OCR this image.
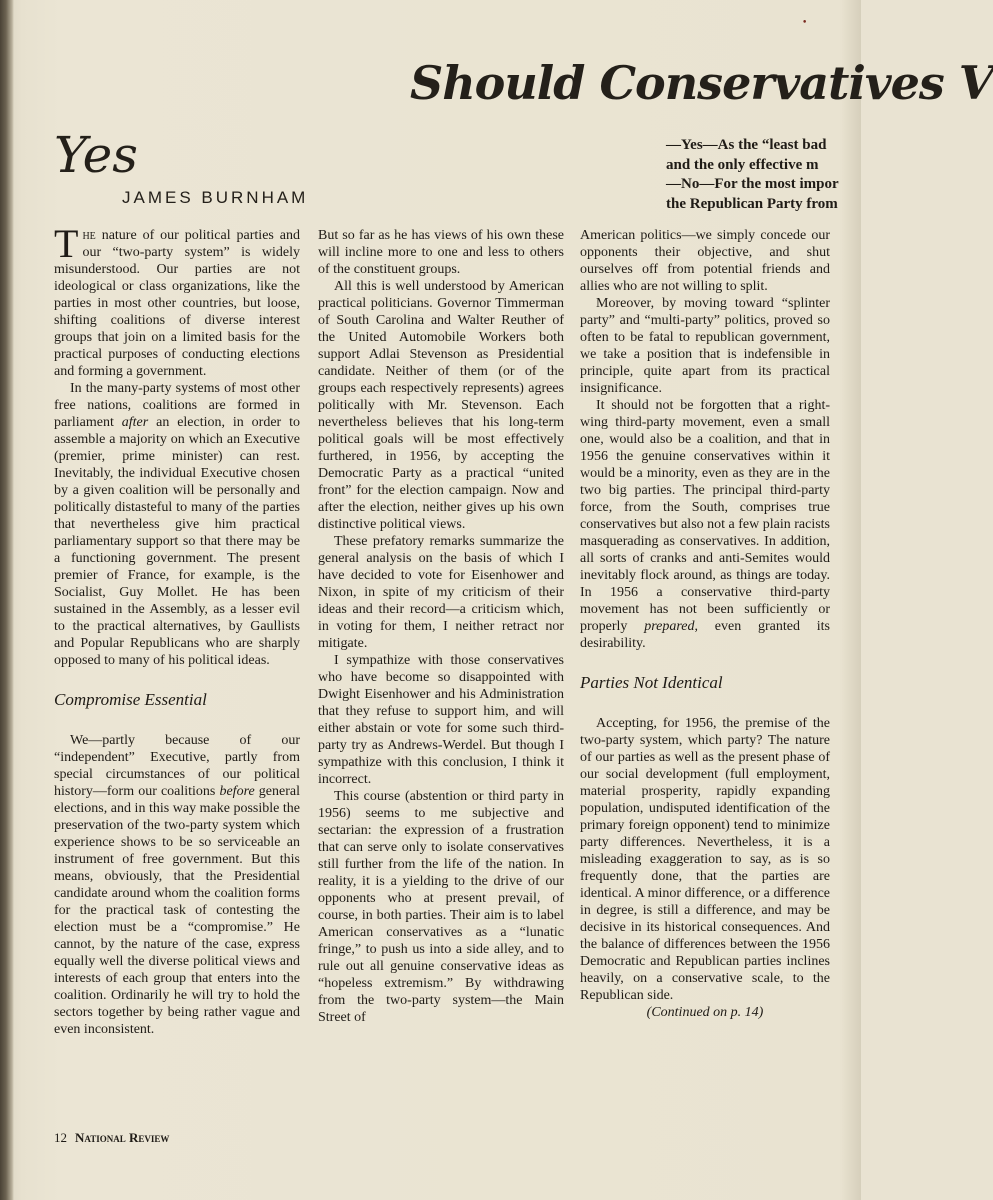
•
Should Conservatives V
Yes
JAMES BURNHAM
—Yes—As the “least bad
and the only effective m
—No—For the most impor
the Republican Party from

The nature of our political parties and our “two-party system” is widely misunderstood. Our parties are not ideological or class organizations, like the parties in most other countries, but loose, shifting coalitions of diverse interest groups that join on a limited basis for the practical purposes of conducting elections and forming a government.

In the many-party systems of most other free nations, coalitions are formed in parliament after an election, in order to assemble a majority on which an Executive (premier, prime minister) can rest. Inevitably, the individual Executive chosen by a given coalition will be personally and politically distasteful to many of the parties that nevertheless give him practical parliamentary support so that there may be a functioning government. The present premier of France, for example, is the Socialist, Guy Mollet. He has been sustained in the Assembly, as a lesser evil to the practical alternatives, by Gaullists and Popular Republicans who are sharply opposed to many of his political ideas.

Compromise Essential

We—partly because of our “independent” Executive, partly from special circumstances of our political history—form our coalitions before general elections, and in this way make possible the preservation of the two-party system which experience shows to be so serviceable an instrument of free government. But this means, obviously, that the Presidential candidate around whom the coalition forms for the practical task of contesting the election must be a “compromise.” He cannot, by the nature of the case, express equally well the diverse political views and interests of each group that enters into the coalition. Ordinarily he will try to hold the sectors together by being rather vague and even inconsistent.

But so far as he has views of his own these will incline more to one and less to others of the constituent groups.

All this is well understood by American practical politicians. Governor Timmerman of South Carolina and Walter Reuther of the United Automobile Workers both support Adlai Stevenson as Presidential candidate. Neither of them (or of the groups each respectively represents) agrees politically with Mr. Stevenson. Each nevertheless believes that his long-term political goals will be most effectively furthered, in 1956, by accepting the Democratic Party as a practical “united front” for the election campaign. Now and after the election, neither gives up his own distinctive political views.

These prefatory remarks summarize the general analysis on the basis of which I have decided to vote for Eisenhower and Nixon, in spite of my criticism of their ideas and their record—a criticism which, in voting for them, I neither retract nor mitigate.

I sympathize with those conservatives who have become so disappointed with Dwight Eisenhower and his Administration that they refuse to support him, and will either abstain or vote for some such third-party try as Andrews-Werdel. But though I sympathize with this conclusion, I think it incorrect.

This course (abstention or third party in 1956) seems to me subjective and sectarian: the expression of a frustration that can serve only to isolate conservatives still further from the life of the nation. In reality, it is a yielding to the drive of our opponents who at present prevail, of course, in both parties. Their aim is to label American conservatives as a “lunatic fringe,” to push us into a side alley, and to rule out all genuine conservative ideas as “hopeless extremism.” By withdrawing from the two-party system—the Main Street of

American politics—we simply concede our opponents their objective, and shut ourselves off from potential friends and allies who are not willing to split.

Moreover, by moving toward “splinter party” and “multi-party” politics, proved so often to be fatal to republican government, we take a position that is indefensible in principle, quite apart from its practical insignificance.

It should not be forgotten that a right-wing third-party movement, even a small one, would also be a coalition, and that in 1956 the genuine conservatives within it would be a minority, even as they are in the two big parties. The principal third-party force, from the South, comprises true conservatives but also not a few plain racists masquerading as conservatives. In addition, all sorts of cranks and anti-Semites would inevitably flock around, as things are today. In 1956 a conservative third-party movement has not been sufficiently or properly prepared, even granted its desirability.

Parties Not Identical

Accepting, for 1956, the premise of the two-party system, which party? The nature of our parties as well as the present phase of our social development (full employment, material prosperity, rapidly expanding population, undisputed identification of the primary foreign opponent) tend to minimize party differences. Nevertheless, it is a misleading exaggeration to say, as is so frequently done, that the parties are identical. A minor difference, or a difference in degree, is still a difference, and may be decisive in its historical consequences. And the balance of differences between the 1956 Democratic and Republican parties inclines heavily, on a conservative scale, to the Republican side.

(Continued on p. 14)

12 National Review
